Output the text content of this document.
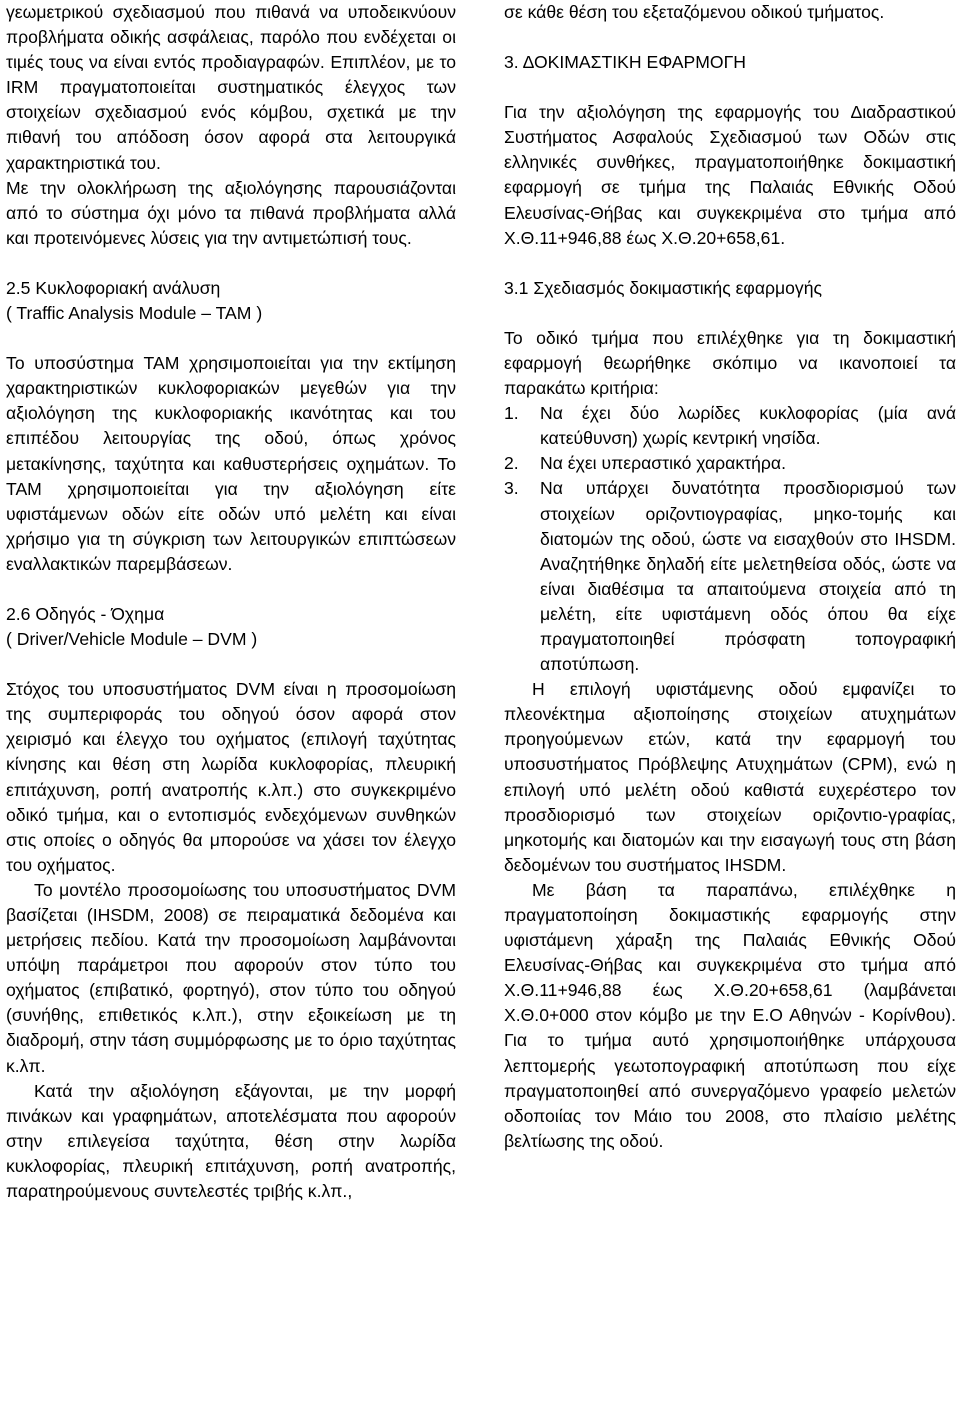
γεωμετρικού σχεδιασμού που πιθανά να υποδεικνύουν προβλήματα οδικής ασφάλειας, παρόλο που ενδέχεται οι τιμές τους να είναι εντός προδιαγραφών. Επιπλέον, με το IRM πραγματοποιείται συστηματικός έλεγχος των στοιχείων σχεδιασμού ενός κόμβου, σχετικά με την πιθανή του απόδοση όσον αφορά στα λειτουργικά χαρακτηριστικά του.

Με την ολοκλήρωση της αξιολόγησης παρουσιάζονται από το σύστημα όχι μόνο τα πιθανά προβλήματα αλλά και προτεινόμενες λύσεις για την αντιμετώπισή τους.

2.5 Κυκλοφοριακή ανάλυση

( Traffic Analysis Module – TAM )

Το υποσύστημα TAM χρησιμοποιείται για την εκτίμηση χαρακτηριστικών κυκλοφοριακών μεγεθών για την αξιολόγηση της κυκλοφοριακής ικανότητας και του επιπέδου λειτουργίας της οδού, όπως χρόνος μετακίνησης, ταχύτητα και καθυστερήσεις οχημάτων. Το TAM χρησιμοποιείται για την αξιολόγηση είτε υφιστάμενων οδών είτε οδών υπό μελέτη και είναι χρήσιμο για τη σύγκριση των λειτουργικών επιπτώσεων εναλλακτικών παρεμβάσεων.

2.6 Οδηγός - Όχημα

( Driver/Vehicle Module – DVM )

Στόχος του υποσυστήματος DVM είναι η προσομοίωση της συμπεριφοράς του οδηγού όσον αφορά στον χειρισμό και έλεγχο του οχήματος (επιλογή ταχύτητας κίνησης και θέση στη λωρίδα κυκλοφορίας, πλευρική επιτάχυνση, ροπή ανατροπής κ.λπ.) στο συγκεκριμένο οδικό τμήμα, και ο εντοπισμός ενδεχόμενων συνθηκών στις οποίες ο οδηγός θα μπορούσε να χάσει τον έλεγχο του οχήματος.

Το μοντέλο προσομοίωσης του υποσυστήματος DVM βασίζεται (IHSDM, 2008) σε πειραματικά δεδομένα και μετρήσεις πεδίου. Κατά την προσομοίωση λαμβάνονται υπόψη παράμετροι που αφορούν στον τύπο του οχήματος (επιβατικό, φορτηγό), στον τύπο του οδηγού (συνήθης, επιθετικός κ.λπ.), στην εξοικείωση με τη διαδρομή, στην τάση συμμόρφωσης με το όριο ταχύτητας κ.λπ.

Κατά την αξιολόγηση εξάγονται, με την μορφή πινάκων και γραφημάτων, αποτελέσματα που αφορούν στην επιλεγείσα ταχύτητα, θέση στην λωρίδα κυκλοφορίας, πλευρική επιτάχυνση, ροπή ανατροπής, παρατηρούμενους συντελεστές τριβής κ.λπ.,

σε κάθε θέση του εξεταζόμενου οδικού τμήματος.

3. ΔΟΚΙΜΑΣΤΙΚΗ ΕΦΑΡΜΟΓΗ

Για την αξιολόγηση της εφαρμογής του Διαδραστικού Συστήματος Ασφαλούς Σχεδιασμού των Οδών στις ελληνικές συνθήκες, πραγματοποιήθηκε δοκιμαστική εφαρμογή σε τμήμα της Παλαιάς Εθνικής Οδού Ελευσίνας-Θήβας και συγκεκριμένα στο τμήμα από Χ.Θ.11+946,88 έως Χ.Θ.20+658,61.

3.1 Σχεδιασμός δοκιμαστικής εφαρμογής

Το οδικό τμήμα που επιλέχθηκε για τη δοκιμαστική εφαρμογή θεωρήθηκε σκόπιμο να ικανοποιεί τα παρακάτω κριτήρια:

1. Να έχει δύο λωρίδες κυκλοφορίας (μία ανά κατεύθυνση) χωρίς κεντρική νησίδα.
2. Να έχει υπεραστικό χαρακτήρα.
3. Να υπάρχει δυνατότητα προσδιορισμού των στοιχείων οριζοντιογραφίας, μηκο-τομής και διατομών της οδού, ώστε να εισαχθούν στο IHSDM. Αναζητήθηκε δηλαδή είτε μελετηθείσα οδός, ώστε να είναι διαθέσιμα τα απαιτούμενα στοιχεία από τη μελέτη, είτε υφιστάμενη οδός όπου θα είχε πραγματοποιηθεί πρόσφατη τοπογραφική αποτύπωση.

Η επιλογή υφιστάμενης οδού εμφανίζει το πλεονέκτημα αξιοποίησης στοιχείων ατυχημάτων προηγούμενων ετών, κατά την εφαρμογή του υποσυστήματος Πρόβλεψης Ατυχημάτων (CPM), ενώ η επιλογή υπό μελέτη οδού καθιστά ευχερέστερο τον προσδιορισμό των στοιχείων οριζοντιο-γραφίας, μηκοτομής και διατομών και την εισαγωγή τους στη βάση δεδομένων του συστήματος IHSDM.

Με βάση τα παραπάνω, επιλέχθηκε η πραγματοποίηση δοκιμαστικής εφαρμογής στην υφιστάμενη χάραξη της Παλαιάς Εθνικής Οδού Ελευσίνας-Θήβας και συγκεκριμένα στο τμήμα από Χ.Θ.11+946,88 έως Χ.Θ.20+658,61 (λαμβάνεται Χ.Θ.0+000 στον κόμβο με την Ε.Ο Αθηνών - Κορίνθου). Για το τμήμα αυτό χρησιμοποιήθηκε υπάρχουσα λεπτομερής γεωτοπογραφική αποτύπωση που είχε πραγματοποιηθεί από συνεργαζόμενο γραφείο μελετών οδοποιίας τον Μάιο του 2008, στο πλαίσιο μελέτης βελτίωσης της οδού.
